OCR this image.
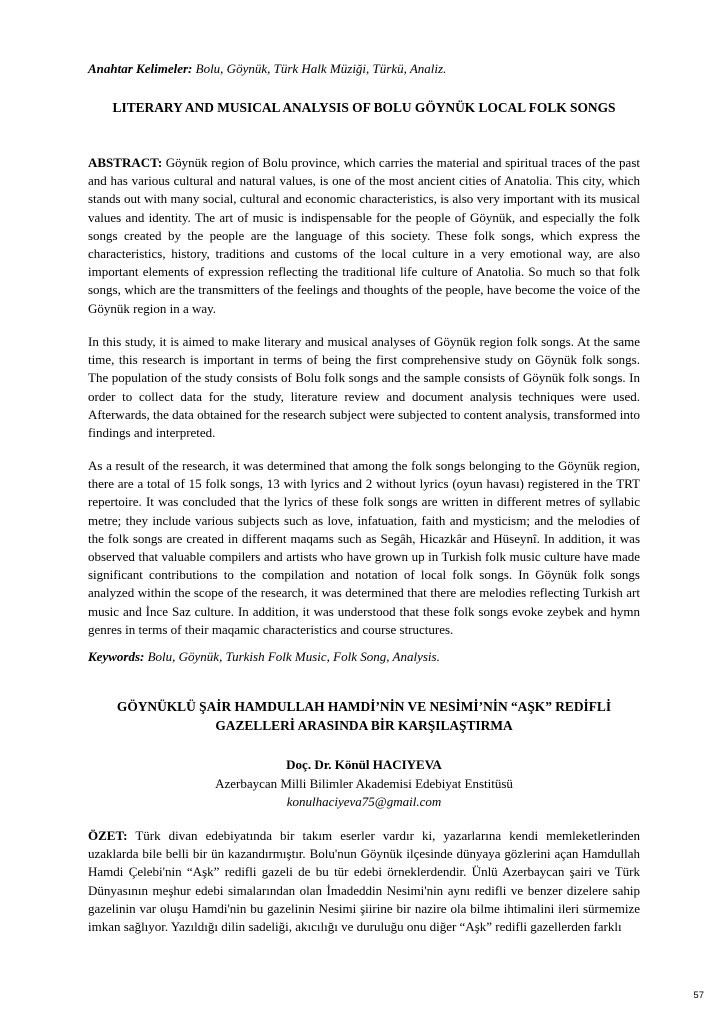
Anahtar Kelimeler: Bolu, Göynük, Türk Halk Müziği, Türkü, Analiz.

LITERARY AND MUSICAL ANALYSIS OF BOLU GÖYNÜK LOCAL FOLK SONGS

ABSTRACT: Göynük region of Bolu province, which carries the material and spiritual traces of the past and has various cultural and natural values, is one of the most ancient cities of Anatolia. This city, which stands out with many social, cultural and economic characteristics, is also very important with its musical values and identity. The art of music is indispensable for the people of Göynük, and especially the folk songs created by the people are the language of this society. These folk songs, which express the characteristics, history, traditions and customs of the local culture in a very emotional way, are also important elements of expression reflecting the traditional life culture of Anatolia. So much so that folk songs, which are the transmitters of the feelings and thoughts of the people, have become the voice of the Göynük region in a way.

In this study, it is aimed to make literary and musical analyses of Göynük region folk songs. At the same time, this research is important in terms of being the first comprehensive study on Göynük folk songs. The population of the study consists of Bolu folk songs and the sample consists of Göynük folk songs. In order to collect data for the study, literature review and document analysis techniques were used. Afterwards, the data obtained for the research subject were subjected to content analysis, transformed into findings and interpreted.

As a result of the research, it was determined that among the folk songs belonging to the Göynük region, there are a total of 15 folk songs, 13 with lyrics and 2 without lyrics (oyun havası) registered in the TRT repertoire. It was concluded that the lyrics of these folk songs are written in different metres of syllabic metre; they include various subjects such as love, infatuation, faith and mysticism; and the melodies of the folk songs are created in different maqams such as Segâh, Hicazkâr and Hüseynî. In addition, it was observed that valuable compilers and artists who have grown up in Turkish folk music culture have made significant contributions to the compilation and notation of local folk songs. In Göynük folk songs analyzed within the scope of the research, it was determined that there are melodies reflecting Turkish art music and İnce Saz culture. In addition, it was understood that these folk songs evoke zeybek and hymn genres in terms of their maqamic characteristics and course structures.

Keywords: Bolu, Göynük, Turkish Folk Music, Folk Song, Analysis.

GÖYNÜKLÜ ŞAİR HAMDULLAH HAMDİ’NİN VE NESİMİ’NİN “AŞK” REDİFLİ GAZELLERİ ARASINDA BİR KARŞILAŞTIRMA

Doç. Dr. Könül HACIYEVA

Azerbaycan Milli Bilimler Akademisi Edebiyat Enstitüsü

konulhaciyeva75@gmail.com

ÖZET: Türk divan edebiyatında bir takım eserler vardır ki, yazarlarına kendi memleketlerinden uzaklarda bile belli bir ün kazandırmıştır. Bolu'nun Göynük ilçesinde dünyaya gözlerini açan Hamdullah Hamdi Çelebi'nin “Aşk” redifli gazeli de bu tür edebi örneklerdendir. Ünlü Azerbaycan şairi ve Türk Dünyasının meşhur edebi simalarından olan İmadeddin Nesimi'nin aynı redifli ve benzer dizelere sahip gazelinin var oluşu Hamdi'nin bu gazelinin Nesimi şiirine bir nazire ola bilme ihtimalini ileri sürmemize imkan sağlıyor. Yazıldığı dilin sadeliği, akıcılığı ve duruluğu onu diğer “Aşk” redifli gazellerden farklı

57
